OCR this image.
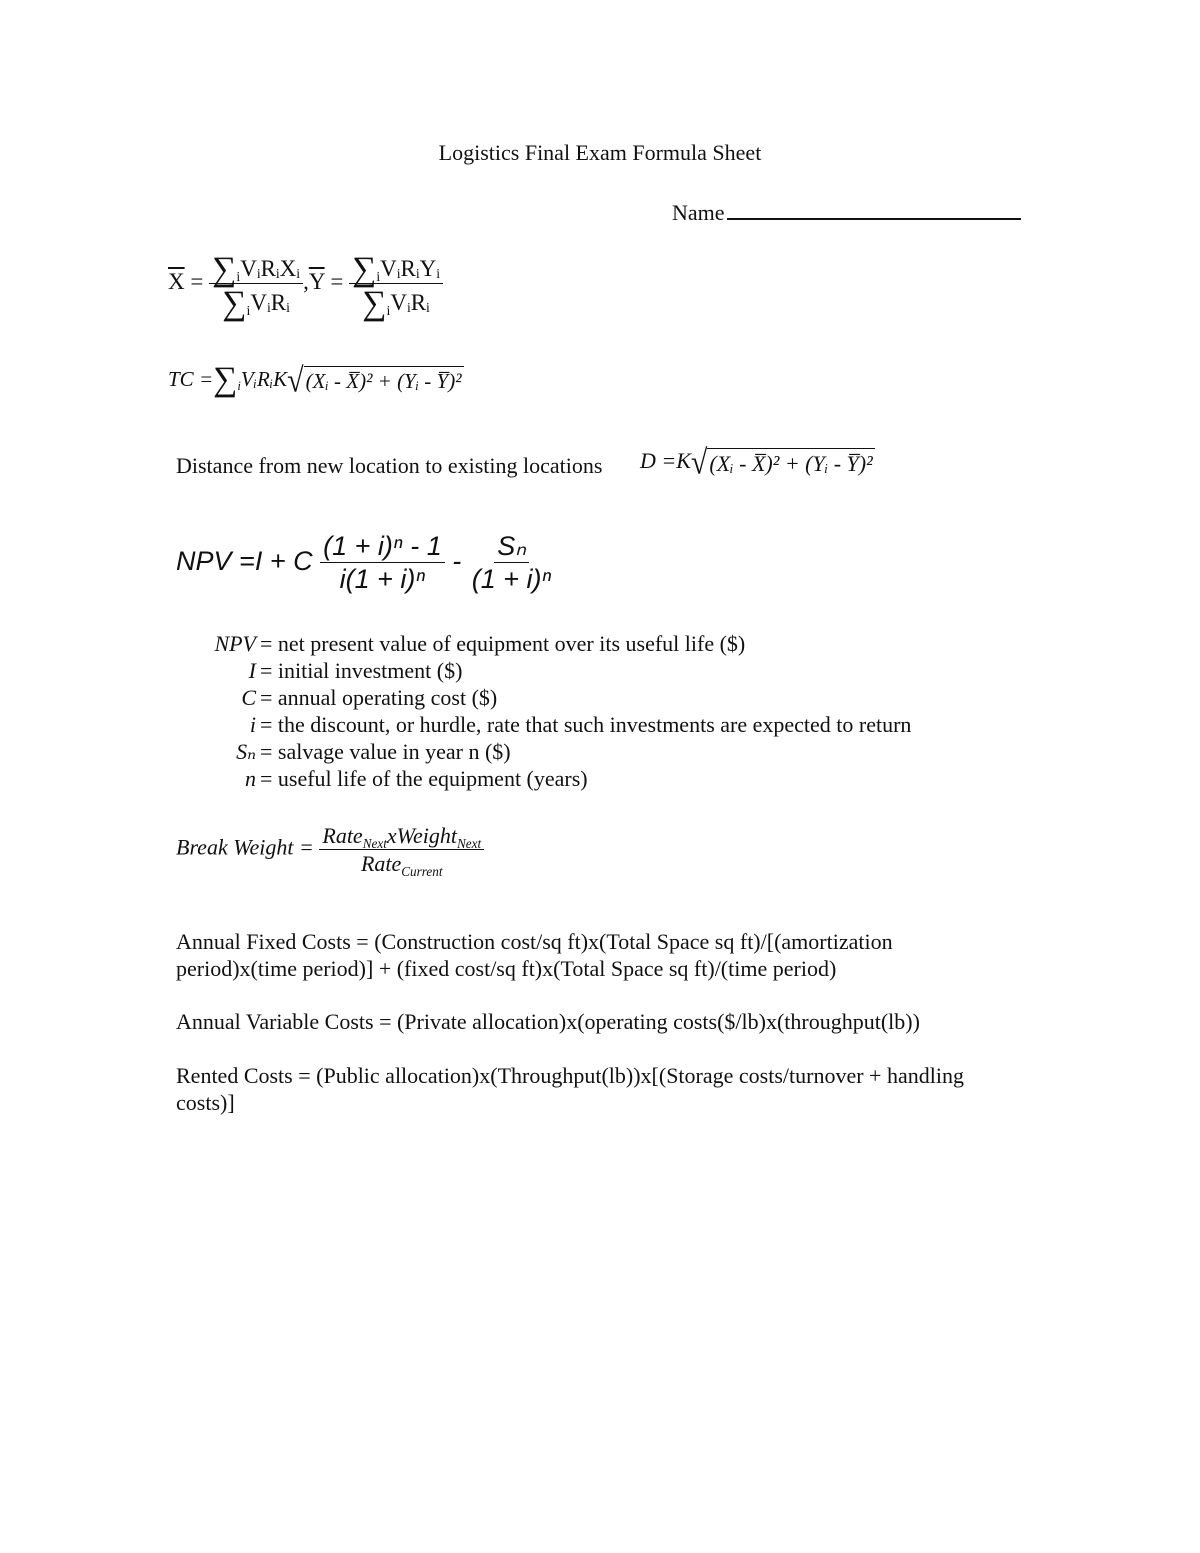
Logistics Final Exam Formula Sheet
Name
$\overline{X} = \frac{\sum_iVᵢRᵢXᵢ}{\sum_iVᵢRᵢ} ,\overline{Y} = \frac{\sum_iVᵢRᵢYᵢ}{\sum_iVᵢRᵢ}$
TC $=\sum_iVᵢRᵢK$ √ (Xᵢ - X̅)² + (Yᵢ - Y̅)²
Distance from new location to existing locations D =K √ (Xᵢ - X̅)² + (Yᵢ - Y̅)²
NPV =I + C $\frac{\text{(1 + i)ⁿ - 1}}{\text{i(1 + i)ⁿ}} - \frac{\text{Sₙ}}{\text{(1 + i)ⁿ}}$
NPV = net present value of equipment over its useful life ($)
I = initial investment ($)
C = annual operating cost ($)
i = the discount, or hurdle, rate that such investments are expected to return
Sₙ = salvage value in year n ($)
n = useful life of the equipment (years)
Break Weight = $\frac{Rate_{Next}xWeight_{Next}}{Rate_{Current}}$
Annual Fixed Costs = (Construction cost/sq ft)x(Total Space sq ft)/[(amortization
period)x(time period)] + (fixed cost/sq ft)x(Total Space sq ft)/(time period)
Annual Variable Costs = (Private allocation)x(operating costs($/lb)x(throughput(lb))
Rented Costs = (Public allocation)x(Throughput(lb))x[(Storage costs/turnover + handling
costs)]
